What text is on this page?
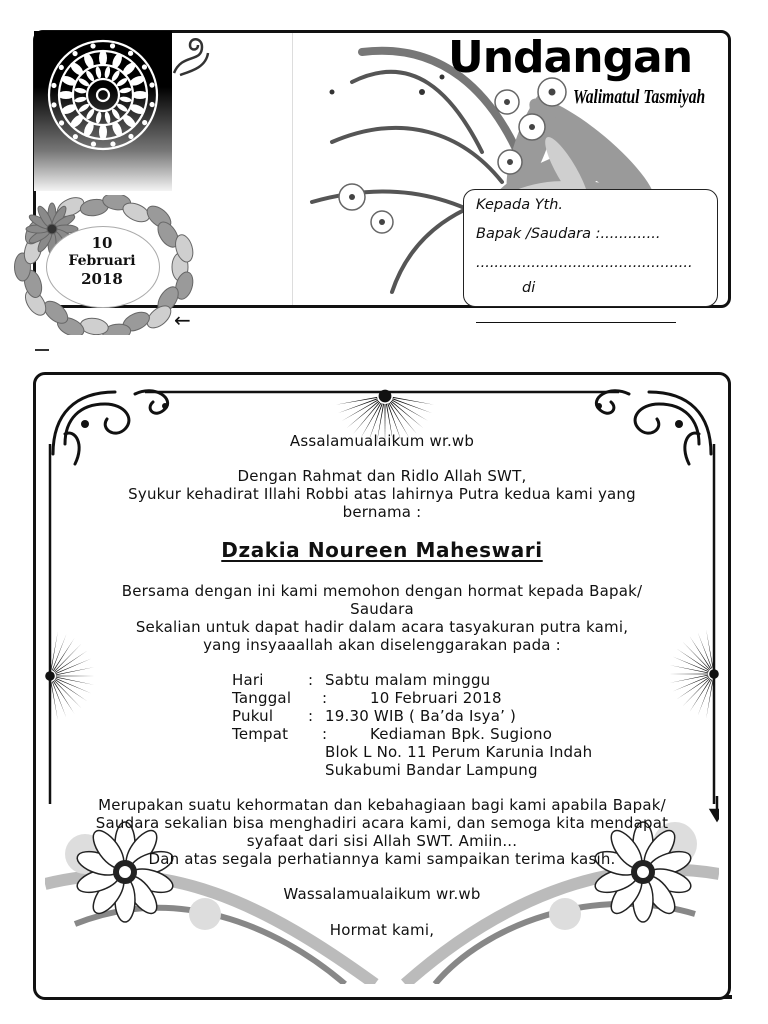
Undangan
Walimatul Tasmiyah
Kepada Yth.
Bapak /Saudara :.............
...............................................
di
10
Februari
2018
←
Assalamualaikum wr.wb
Dengan Rahmat dan Ridlo Allah SWT,
Syukur kehadirat Illahi Robbi atas lahirnya Putra kedua kami yang
bernama :
Dzakia Noureen Maheswari
Bersama dengan ini kami memohon dengan hormat kepada Bapak/
Saudara
Sekalian untuk dapat hadir dalam acara tasyakuran putra kami,
yang insyaaallah akan diselenggarakan pada :
Hari	: Sabtu malam minggu
Tanggal :	10 Februari 2018
Pukul : 19.30 WIB ( Ba’da Isya’ )
Tempat :	Kediaman Bpk. Sugiono
Blok L No. 11 Perum Karunia Indah
Sukabumi Bandar Lampung
Merupakan suatu kehormatan dan kebahagiaan bagi kami apabila Bapak/
Saudara sekalian bisa menghadiri acara kami, dan semoga kita mendapat
syafaat dari sisi Allah SWT. Amiin...
Dan atas segala perhatiannya kami sampaikan terima kasih.
Wassalamualaikum wr.wb
Hormat kami,
